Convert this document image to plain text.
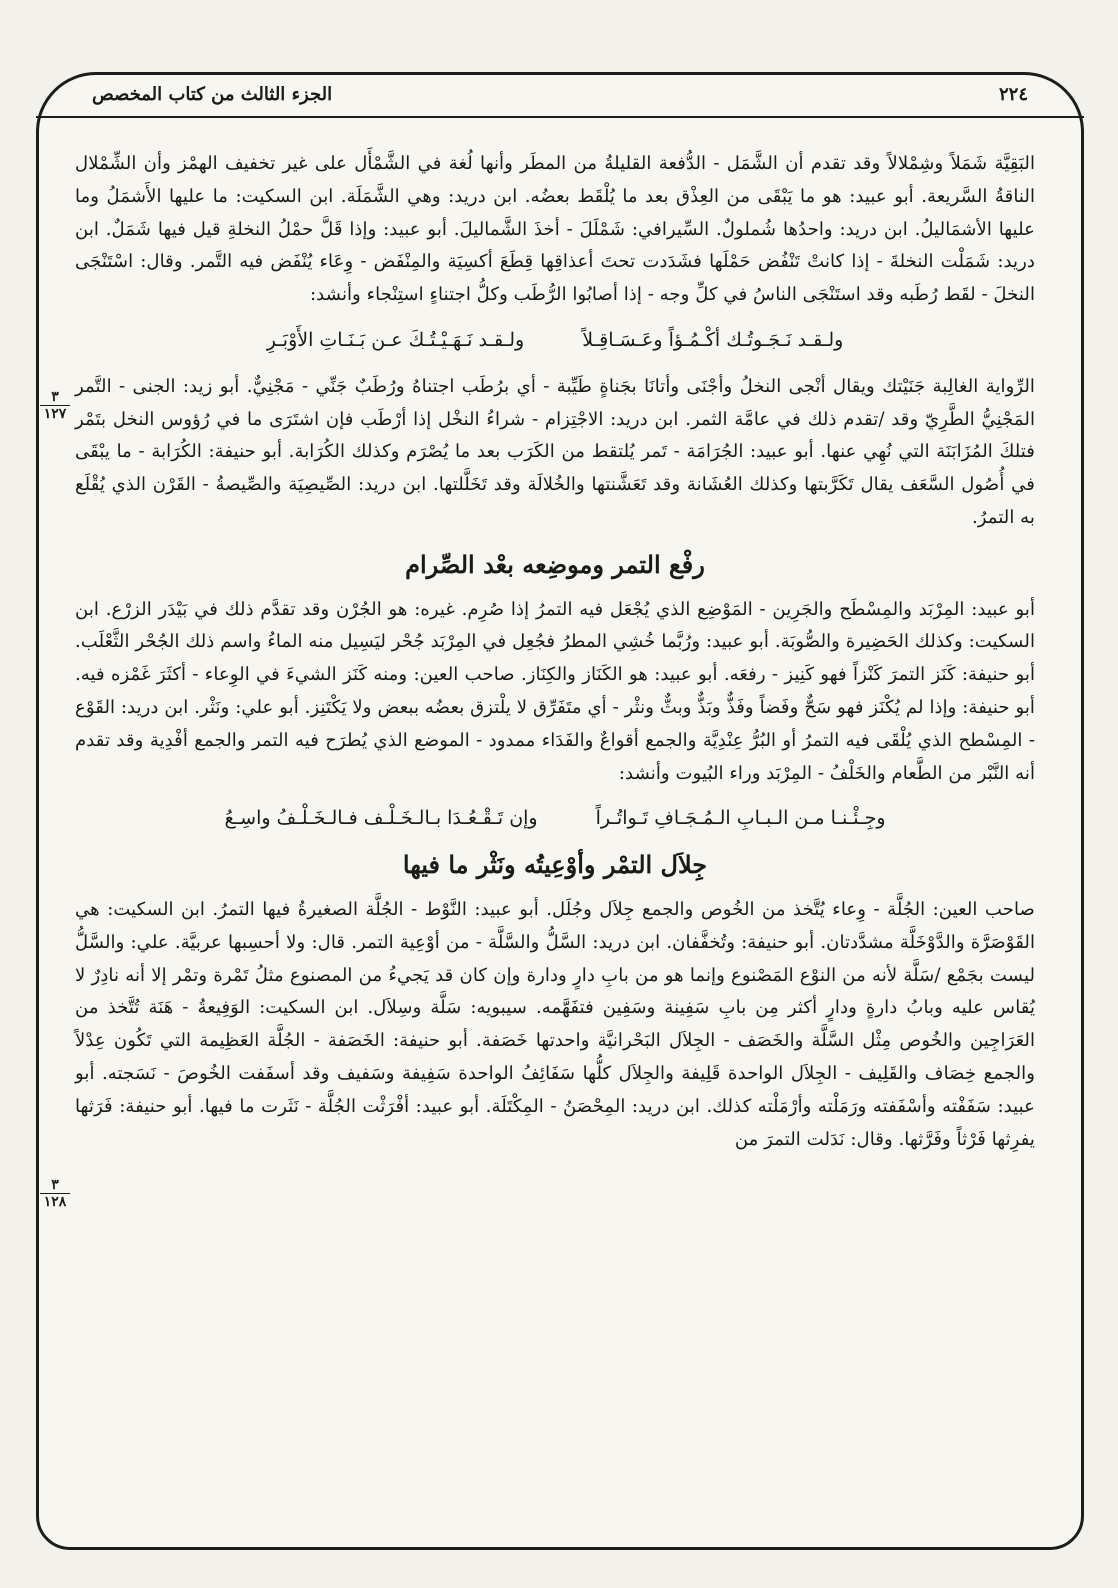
الجزء الثالث من كتاب المخصص	٢٢٤
٣
١٢٧
٣
١٢٨

البَقِيَّة شَمَلاً وشِمْلالاً وقد تقدم أن الشَّمَل - الدُّفعة القليلةُ من المطَر وأنها لُغة في الشَّمْأَل على غير تخفيف الهمْز وأن الشِّمْلال الناقةُ السَّريعة. أبو عبيد: هو ما يَبْقَى من العِذْق بعد ما يُلْقَط بعضُه. ابن دريد: وهي الشَّمَلَة. ابن السكيت: ما عليها الأَشمَلُ وما عليها الأشمَاليلُ. ابن دريد: واحدُها شُملولٌ. السِّيرافي: شَمْلَلَ - أخذَ الشَّماليلَ. أبو عبيد: وإذا قَلَّ حمْلُ النخلةِ قيل فيها شَمَلٌ. ابن دريد: شَمَلْت النخلةَ - إذا كانتْ تَنْفُض حَمْلَها فشَدَدت تحتَ أعذاقِها قِطَعَ أكسِيَة والمِنْفَض - وِعَاء يُنْفَض فيه التَّمر. وقال: اسْتَنْجَى النخلَ - لقَط رُطَبه وقد استَنْجَى الناسُ في كلِّ وجه - إذا أصابُوا الرُّطَب وكلُّ اجتناءٍ استِنْجاء وأنشد:

ولـقـد نَـجَـوتُـك أكْـمُـؤاً وعَـسَـاقِـلاً
ولـقـد نَـهَـيْـتُـكَ عـن بَـنَـاتِ الأَوْبَـرِ

الرِّواية الغالِبة جَنَيْتك ويقال أنْجى النخلُ وأجْنَى وأتانَا بجَناةٍ طَيِّبة - أي برُطَب اجتناهُ ورُطَبٌ جَنِّي - مَجْنِيٌّ. أبو زيد: الجنى - التَّمر المَجْنِيُّ الطَّرِيّ وقد /تقدم ذلك في عامَّة الثمر. ابن دريد: الاجْتِزام - شراءُ النخْل إذا أرْطَب فإن اشتَرَى ما في رُؤوس النخل بتَمْر فتلكَ المُزَابَنَة التي نُهِي عنها. أبو عبيد: الجُرَامَة - تَمر يُلتقط من الكَرَب بعد ما يُصْرَم وكذلك الكُرَابة. أبو حنيفة: الكُرَابة - ما يبْقَى في أُصُول السَّعَف يقال تَكَرَّبتها وكذلك العُشَانة وقد تَعَشَّنتها والخُلالَة وقد تَخَلَّلتها. ابن دريد: الصِّيصِيَة والصِّيصةُ - القَرْن الذي يُقْلَع به التمرُ.

رفْع التمر وموضِعه بعْد الصِّرام

أبو عبيد: المِرْبَد والمِسْطَح والجَرِين - المَوْضِع الذي يُجْعَل فيه التمرُ إذا صُرِم. غيره: هو الجُرْن وقد تقدَّم ذلك في بَيْدَر الزرْع. ابن السكيت: وكذلك الحَضِيرة والصُّوبَة. أبو عبيد: ورُبَّما خُشِي المطرُ فجُعِل في المِرْبَد جُحْر ليَسِيل منه الماءُ واسم ذلك الجُحْر الثَّعْلَب. أبو حنيفة: كَنَز التمرَ كَنْزاً فهو كَنِيز - رفعَه. أبو عبيد: هو الكَنَاز والكِنَاز. صاحب العين: ومنه كَنَز الشيءَ في الوِعاء - أكثَرَ غَمْزه فيه. أبو حنيفة: وإذا لم يُكْنَز فهو سَحٌّ وفَضاً وفَذٌّ وبَذٌّ وبثٌّ ونثْر - أي متَفَرِّق لا يلْتزق بعضُه ببعض ولا يَكْتَنِز. أبو علي: ونَثْر. ابن دريد: القَوْع - المِسْطح الذي يُلْقَى فيه التمرُ أو البُرُّ عِنْدِيَّة والجمع أقواعٌ والفَدَاء ممدود - الموضع الذي يُطرَح فيه التمر والجمع أفْدِية وقد تقدم أنه النَّبْر من الطَّعام والخَلْفُ - المِرْبَد وراء البُيوت وأنشد:

وجِـئْـنـا مـن الـبـابِ الـمُـجَـافِ تَـواتُـراً
وإن تَـقْـعُـدَا بـالـخَـلْـف فـالـخَـلْـفُ واسِـعُ
جِلاَل التمْر وأوْعِيتُه ونَثْر ما فيها

صاحب العين: الجُلَّة - وِعاء يُتَّخذ من الخُوص والجمع جِلاَل وجُلَل. أبو عبيد: النَّوْط - الجُلَّة الصغيرةُ فيها التمرُ. ابن السكيت: هي القَوْصَرَّة والدَّوْخَلَّة مشدَّدتان. أبو حنيفة: وتُخفَّفان. ابن دريد: السَّلُّ والسَّلَّة - من أوْعِية التمر. قال: ولا أحسِبها عربيَّة. علي: والسَّلُّ ليست بجَمْع /سَلَّة لأنه من النوْع المَصْنوع وإنما هو من بابِ دارٍ ودارة وإن كان قد يَجيءُ من المصنوع مثلُ تَمْرة وتمْر إلا أنه نادِرٌ لا يُقاس عليه وبابُ دارةٍ ودارٍ أكثر مِن بابِ سَفِينة وسَفِين فتفَهَّمه. سيبويه: سَلَّة وسِلاَل. ابن السكيت: الوَفِيعةُ - هَنَة تُتَّخذ من العَرَاجِين والخُوص مِثْل السَّلَّة والخَصَف - الجِلاَل البَحْرانيَّة واحدتها خَصَفة. أبو حنيفة: الخَصَفة - الجُلَّة العَظِيمة التي تَكُون عِدْلاً والجمع خِصَاف والقَلِيف - الجِلاَل الواحدة قَلِيفة والجِلاَل كلُّها سَفَائِفُ الواحدة سَفِيفة وسَفيف وقد أسفَفت الخُوصَ - نَسَجته. أبو عبيد: سَفَفْته وأسْفَفته ورَمَلْته وأرْمَلْته كذلك. ابن دريد: المِحْصَنُ - المِكْتَلَة. أبو عبيد: أفْرَثْت الجُلَّة - نَثَرت ما فيها. أبو حنيفة: فَرَثها يفرِثها فَرْثاً وفَرَّثها. وقال: نَدَلت التمرَ من
